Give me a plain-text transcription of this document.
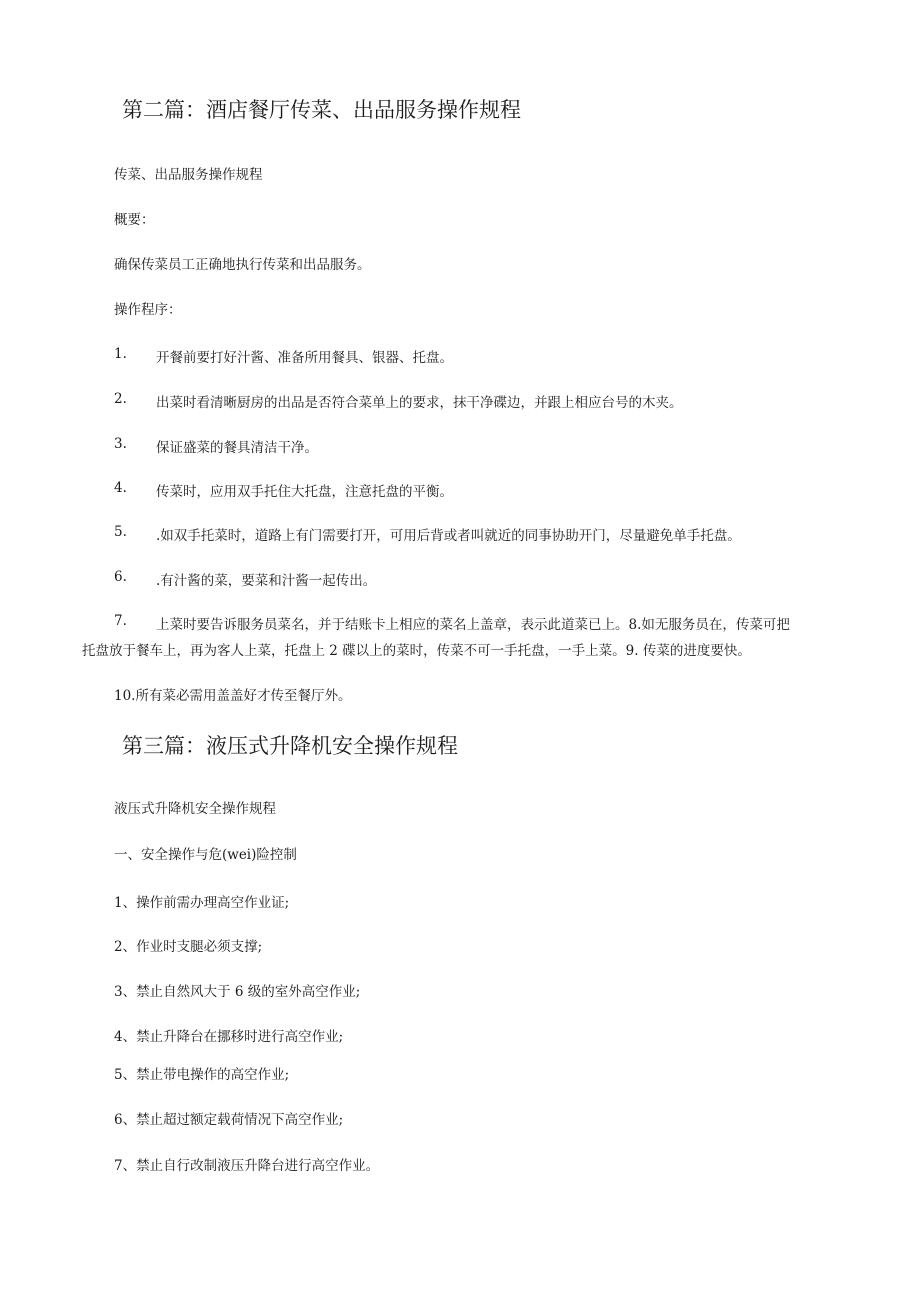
第二篇：酒店餐厅传菜、出品服务操作规程
传菜、出品服务操作规程
概要：
确保传菜员工正确地执行传菜和出品服务。
操作程序：
1. 开餐前要打好汁酱、准备所用餐具、银器、托盘。
2. 出菜时看清晰厨房的出品是否符合菜单上的要求，抹干净碟边，并跟上相应台号的木夹。
3. 保证盛菜的餐具清洁干净。
4. 传菜时，应用双手托住大托盘，注意托盘的平衡。
5. .如双手托菜时，道路上有门需要打开，可用后背或者叫就近的同事协助开门，尽量避免单手托盘。
6. .有汁酱的菜，要菜和汁酱一起传出。
7. 上菜时要告诉服务员菜名，并于结账卡上相应的菜名上盖章，表示此道菜已上。8.如无服务员在，传菜可把
托盘放于餐车上，再为客人上菜，托盘上 2 碟以上的菜时，传菜不可一手托盘，一手上菜。9. 传菜的进度要快。
10.所有菜必需用盖盖好才传至餐厅外。
第三篇：液压式升降机安全操作规程
液压式升降机安全操作规程
一、安全操作与危(wei)险控制
1、操作前需办理高空作业证;
2、作业时支腿必须支撑;
3、禁止自然风大于 6 级的室外高空作业;
4、禁止升降台在挪移时进行高空作业;
5、禁止带电操作的高空作业;
6、禁止超过额定载荷情况下高空作业;
7、禁止自行改制液压升降台进行高空作业。
